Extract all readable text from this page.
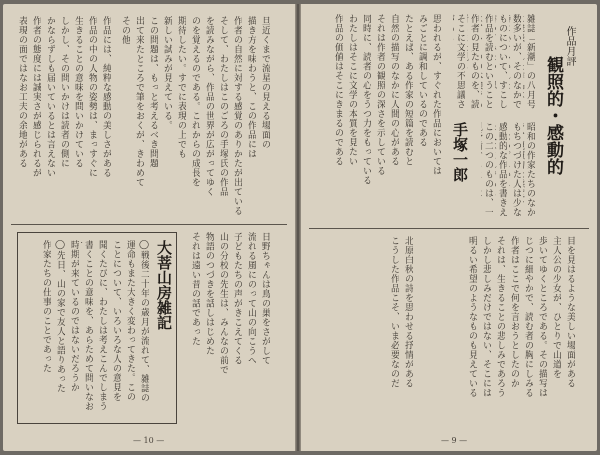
旦近くまで流星の見える場面の
描き方を味わうと、この作品には
作者の自然に対する感覚のありかたが出ている
そして、わたしはこのごろの手塚氏の作品
を読みながら、作品の世界が広がってゆく
のを覚えるのである。これからの成長を
期待したい。すでに表現の上でも
新しい試みが見えている。
この問題は、もっと考えるべき問題
出て来たところで筆をおくが、きわめて
その他
作品には、純粋な感動の美しさがある
作品の中の人物の姿勢は、まっすぐに
生きることの意味を問いかけている
しかし、その問いかけは読者の側に
かならずしも届いているとは言えない
作者の態度には誠実さが感じられるが
表現の面ではなお工夫の余地がある
日野ちゃんは鳥の巣をさがして
流れる風にのって山の向こうへ
子どもたちの声がきこえてくる
山の分校の先生は、みんなの前で
物語のつづきを話しはじめた
それは遠い昔の話であった
大菩山房雑記
◯戦後二十年の歳月が流れて、雑誌の
運命もまた大きく変わってきた。この
ことについて、いろいろな人の意見を
聞くたびに、わたしは考えこんでしまう
書くことの意味を、あらためて問いなお
時期が来ているのではないだろうか
◯先日、山の家で友人と語りあった
作家たちの仕事のことであった
— 10 —
作品月評
観照的・感動的
雑誌「新潮」の八月号
数多いが、そのなかで
ものについて、すこし
作品を読むということ
作者の見たものを、読
そこに文学の不思議さ
手塚一郎	昭和の作家たちのなか
もちつづけた人は少な
感動的な作品を書きえ
この二つのものは、一
思われるが、すぐれた作品においては
みごとに調和しているのである
たとえば、ある作家の短篇を読むと
自然の描写のなかに人間の心がある
それは作者の観照の深さを示している
同時に、読者の心をうつ力をもっている
わたしはそこに文学の本質を見たい
作品の価値はそこにきまるのである
目を見はるような美しい場面がある
主人公の少女が、ひとりで山道を
歩いてゆくところである。その描写は
じつに細やかで、読む者の胸にしみる
作者はここで何を言おうとしたのか
それは、生きることの悲しみであろう
しかし悲しみだけではない、そこには
明るい希望のようなものも見えている
北原白秋の詩を思わせる抒情がある
こうした作品こそ、いま必要なのだ
— 9 —
